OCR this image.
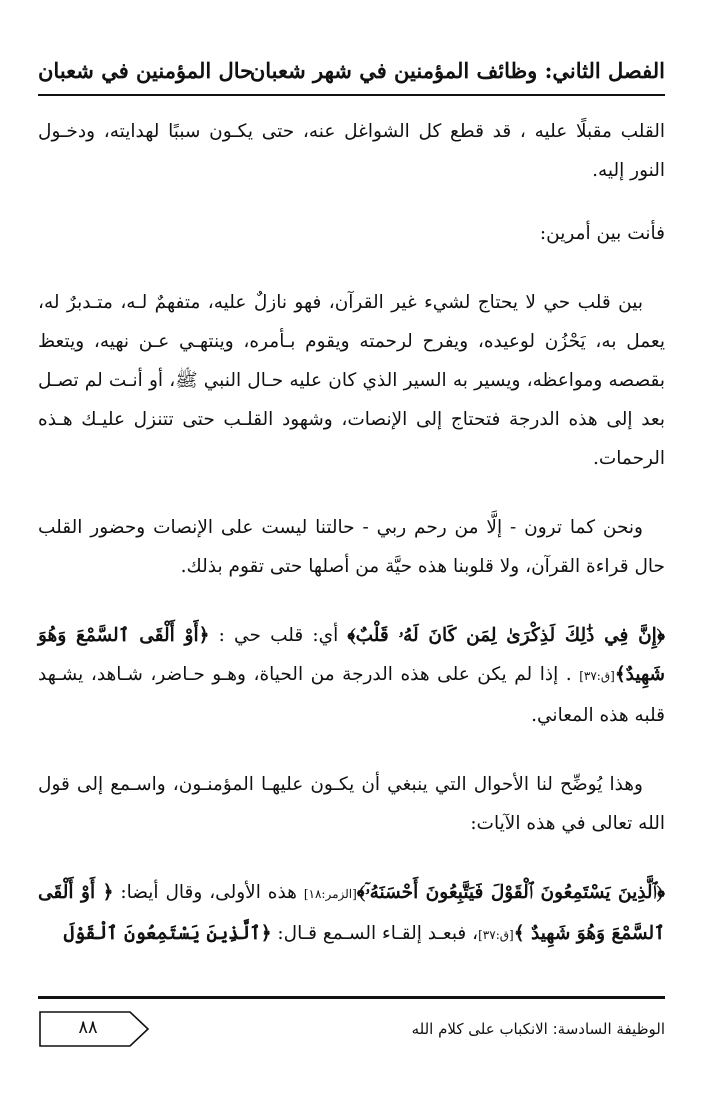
الفصل الثاني: وظائف المؤمنين في شهر شعبان
حال المؤمنين في شعبان

القلب مقبلًا عليه ، قد قطع كل الشواغل عنه، حتى يكـون سببًا لهدايته، ودخـول النور إليه.

فأنت بين أمرين:

بين قلب حي لا يحتاج لشيء غير القرآن، فهو نازلٌ عليه، متفهمٌ لـه، متـدبرٌ له، يعمل به، يَحْزُن لوعيده، ويفرح لرحمته ويقوم بـأمره، وينتهـي عـن نهيه، ويتعظ بقصصه ومواعظه، ويسير به السير الذي كان عليه حـال النبي ﷺ، أو أنـت لم تصـل بعد إلى هذه الدرجة فتحتاج إلى الإنصات، وشهود القلـب حتى تتنزل عليـك هـذه الرحمات.

ونحن كما ترون - إلَّا من رحم ربي - حالتنا ليست على الإنصات وحضور القلب حال قراءة القرآن، ولا قلوبنا هذه حيَّة من أصلها حتى تقوم بذلك.

﴿إِنَّ فِي ذَٰلِكَ لَذِكْرَىٰ لِمَن كَانَ لَهُۥ قَلْبٌ﴾ أي: قلب حي : ﴿أَوْ أَلْقَى ٱلسَّمْعَ وَهُوَ شَهِيدٌ﴾[ق:٣٧] . إذا لم يكن على هذه الدرجة من الحياة، وهـو حـاضر، شـاهد، يشـهد قلبه هذه المعاني.

وهذا يُوضِّح لنا الأحوال التي ينبغي أن يكـون عليهـا المؤمنـون، واسـمع إلى قول الله تعالى في هذه الآيات:

﴿ٱلَّذِينَ يَسْتَمِعُونَ ٱلْقَوْلَ فَيَتَّبِعُونَ أَحْسَنَهُۥٓ﴾[الزمر:١٨] هذه الأولى، وقال أيضا: ﴿ أَوْ أَلْقَى ٱلسَّمْعَ وَهُوَ شَهِيدٌ ﴾[ق:٣٧]، فبعـد إلقـاء السـمع قـال: ﴿ٱلَّذِينَ يَسْتَمِعُونَ ٱلْقَوْلَ

الوظيفة السادسة: الانكباب على كلام الله
٨٨
